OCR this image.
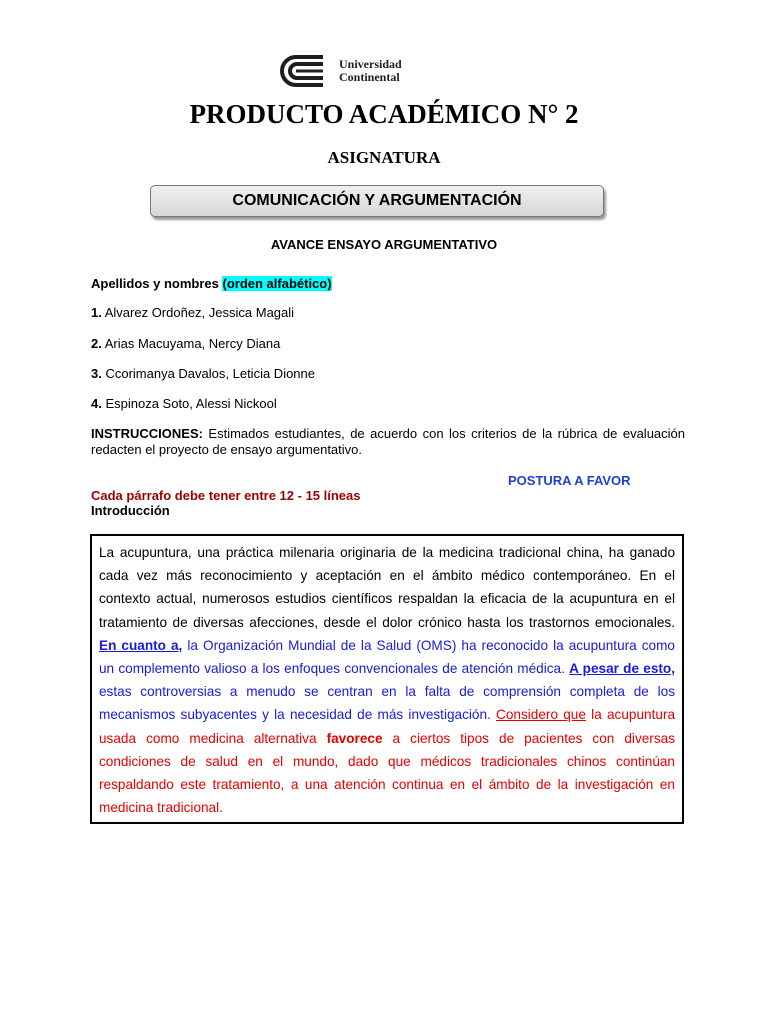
Universidad
Continental
PRODUCTO ACADÉMICO N° 2
ASIGNATURA
COMUNICACIÓN Y ARGUMENTACIÓN
AVANCE ENSAYO ARGUMENTATIVO
Apellidos y nombres (orden alfabético)
1. Alvarez Ordoñez, Jessica Magali
2. Arias Macuyama, Nercy Diana
3. Ccorimanya Davalos, Leticia Dionne
4. Espinoza Soto, Alessi Nickool
INSTRUCCIONES: Estimados estudiantes, de acuerdo con los criterios de la rúbrica de evaluación redacten el proyecto de ensayo argumentativo.
POSTURA A FAVOR
Cada párrafo debe tener entre 12 - 15 líneas
Introducción
La acupuntura, una práctica milenaria originaria de la medicina tradicional china, ha ganado cada vez más reconocimiento y aceptación en el ámbito médico contemporáneo. En el contexto actual, numerosos estudios científicos respaldan la eficacia de la acupuntura en el tratamiento de diversas afecciones, desde el dolor crónico hasta los trastornos emocionales. En cuanto a, la Organización Mundial de la Salud (OMS) ha reconocido la acupuntura como un complemento valioso a los enfoques convencionales de atención médica. A pesar de esto, estas controversias a menudo se centran en la falta de comprensión completa de los mecanismos subyacentes y la necesidad de más investigación. Considero que la acupuntura usada como medicina alternativa favorece a ciertos tipos de pacientes con diversas condiciones de salud en el mundo, dado que médicos tradicionales chinos continúan respaldando este tratamiento, a una atención continua en el ámbito de la investigación en medicina tradicional.
